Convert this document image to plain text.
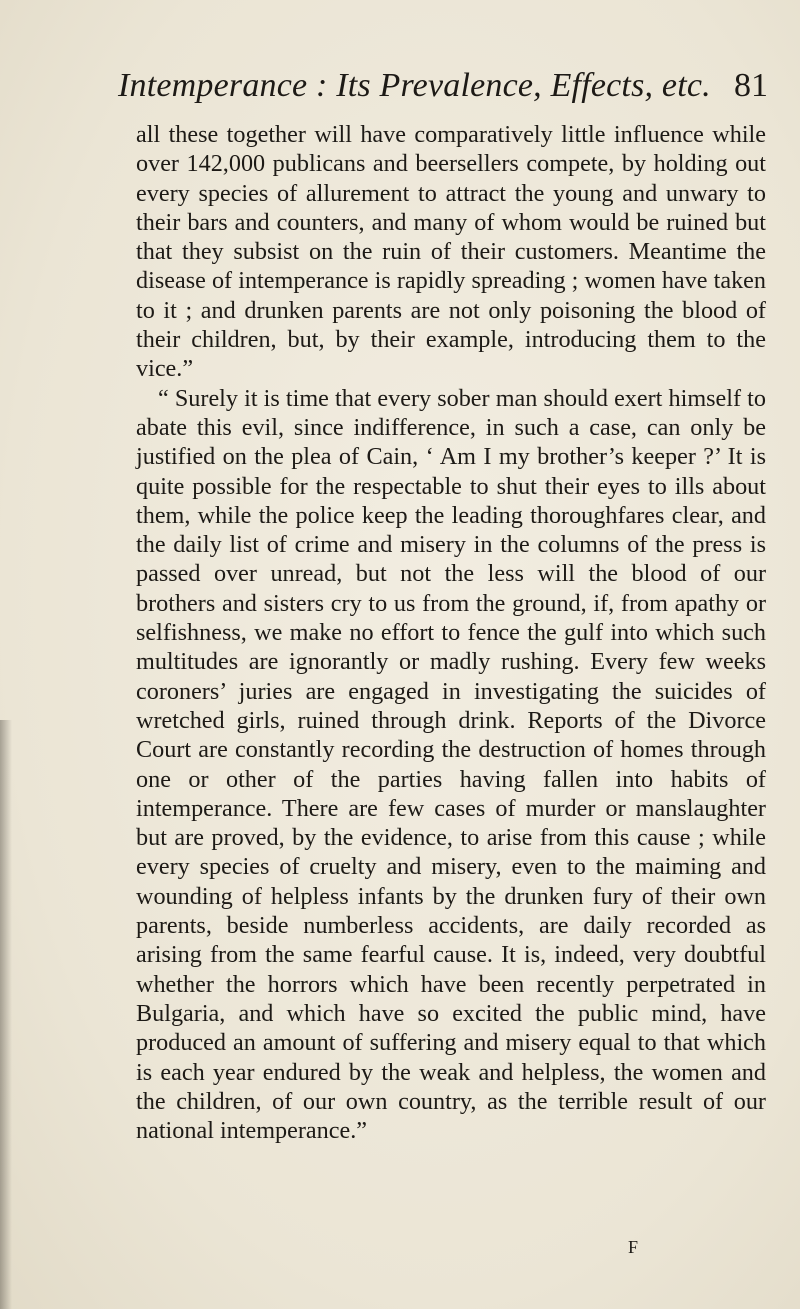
Intemperance : Its Prevalence, Effects, etc. 81

all these together will have comparatively little influence while over 142,000 publicans and beersellers compete, by holding out every species of allurement to attract the young and unwary to their bars and counters, and many of whom would be ruined but that they subsist on the ruin of their customers. Meantime the disease of intemperance is rapidly spreading ; women have taken to it ; and drunken parents are not only poisoning the blood of their children, but, by their example, introducing them to the vice.”

“ Surely it is time that every sober man should exert himself to abate this evil, since indifference, in such a case, can only be justified on the plea of Cain, ‘ Am I my brother’s keeper ?’ It is quite possible for the respectable to shut their eyes to ills about them, while the police keep the leading thoroughfares clear, and the daily list of crime and misery in the columns of the press is passed over unread, but not the less will the blood of our brothers and sisters cry to us from the ground, if, from apathy or selfishness, we make no effort to fence the gulf into which such multitudes are ignorantly or madly rushing. Every few weeks coroners’ juries are engaged in investigating the suicides of wretched girls, ruined through drink. Reports of the Divorce Court are constantly recording the destruction of homes through one or other of the parties having fallen into habits of intemperance. There are few cases of murder or manslaughter but are proved, by the evidence, to arise from this cause ; while every species of cruelty and misery, even to the maiming and wounding of helpless infants by the drunken fury of their own parents, beside numberless accidents, are daily recorded as arising from the same fearful cause. It is, indeed, very doubtful whether the horrors which have been recently perpetrated in Bulgaria, and which have so excited the public mind, have produced an amount of suffering and misery equal to that which is each year endured by the weak and helpless, the women and the children, of our own country, as the terrible result of our national intemperance.”

F
